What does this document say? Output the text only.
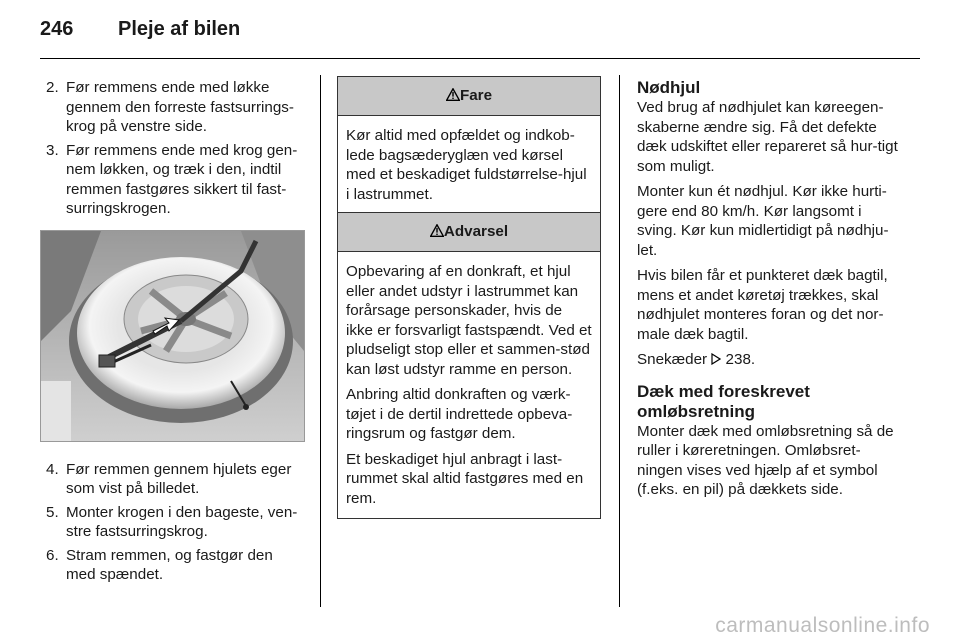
246 Pleje af bilen
2. Før remmens ende med løkke gennem den forreste fastsurrings-krog på venstre side.
3. Før remmens ende med krog gen-nem løkken, og træk i den, indtil remmen fastgøres sikkert til fast-surringskrogen.
4. Før remmen gennem hjulets eger som vist på billedet.
5. Monter krogen i den bageste, ven-stre fastsurringskrog.
6. Stram remmen, og fastgør den med spændet.
Fare

Kør altid med opfældet og indkob-lede bagsæderyglæn ved kørsel med et beskadiget fuldstørrelse-hjul i lastrummet.

Advarsel

Opbevaring af en donkraft, et hjul eller andet udstyr i lastrummet kan forårsage personskader, hvis de ikke er forsvarligt fastspændt. Ved et pludseligt stop eller et sammen-stød kan løst udstyr ramme en person.

Anbring altid donkraften og værk-tøjet i de dertil indrettede opbeva-ringsrum og fastgør dem.

Et beskadiget hjul anbragt i last-rummet skal altid fastgøres med en rem.

Nødhjul

Ved brug af nødhjulet kan køreegen-skaberne ændre sig. Få det defekte dæk udskiftet eller repareret så hur-tigt som muligt.

Monter kun ét nødhjul. Kør ikke hurti-gere end 80 km/h. Kør langsomt i sving. Kør kun midlertidigt på nødhju-let.

Hvis bilen får et punkteret dæk bagtil, mens et andet køretøj trækkes, skal nødhjulet monteres foran og det nor-male dæk bagtil.

Snekæder 238.

Dæk med foreskrevet omløbsretning

Monter dæk med omløbsretning så de ruller i køreretningen. Omløbsret-ningen vises ved hjælp af et symbol (f.eks. en pil) på dækkets side.

carmanualsonline.info
